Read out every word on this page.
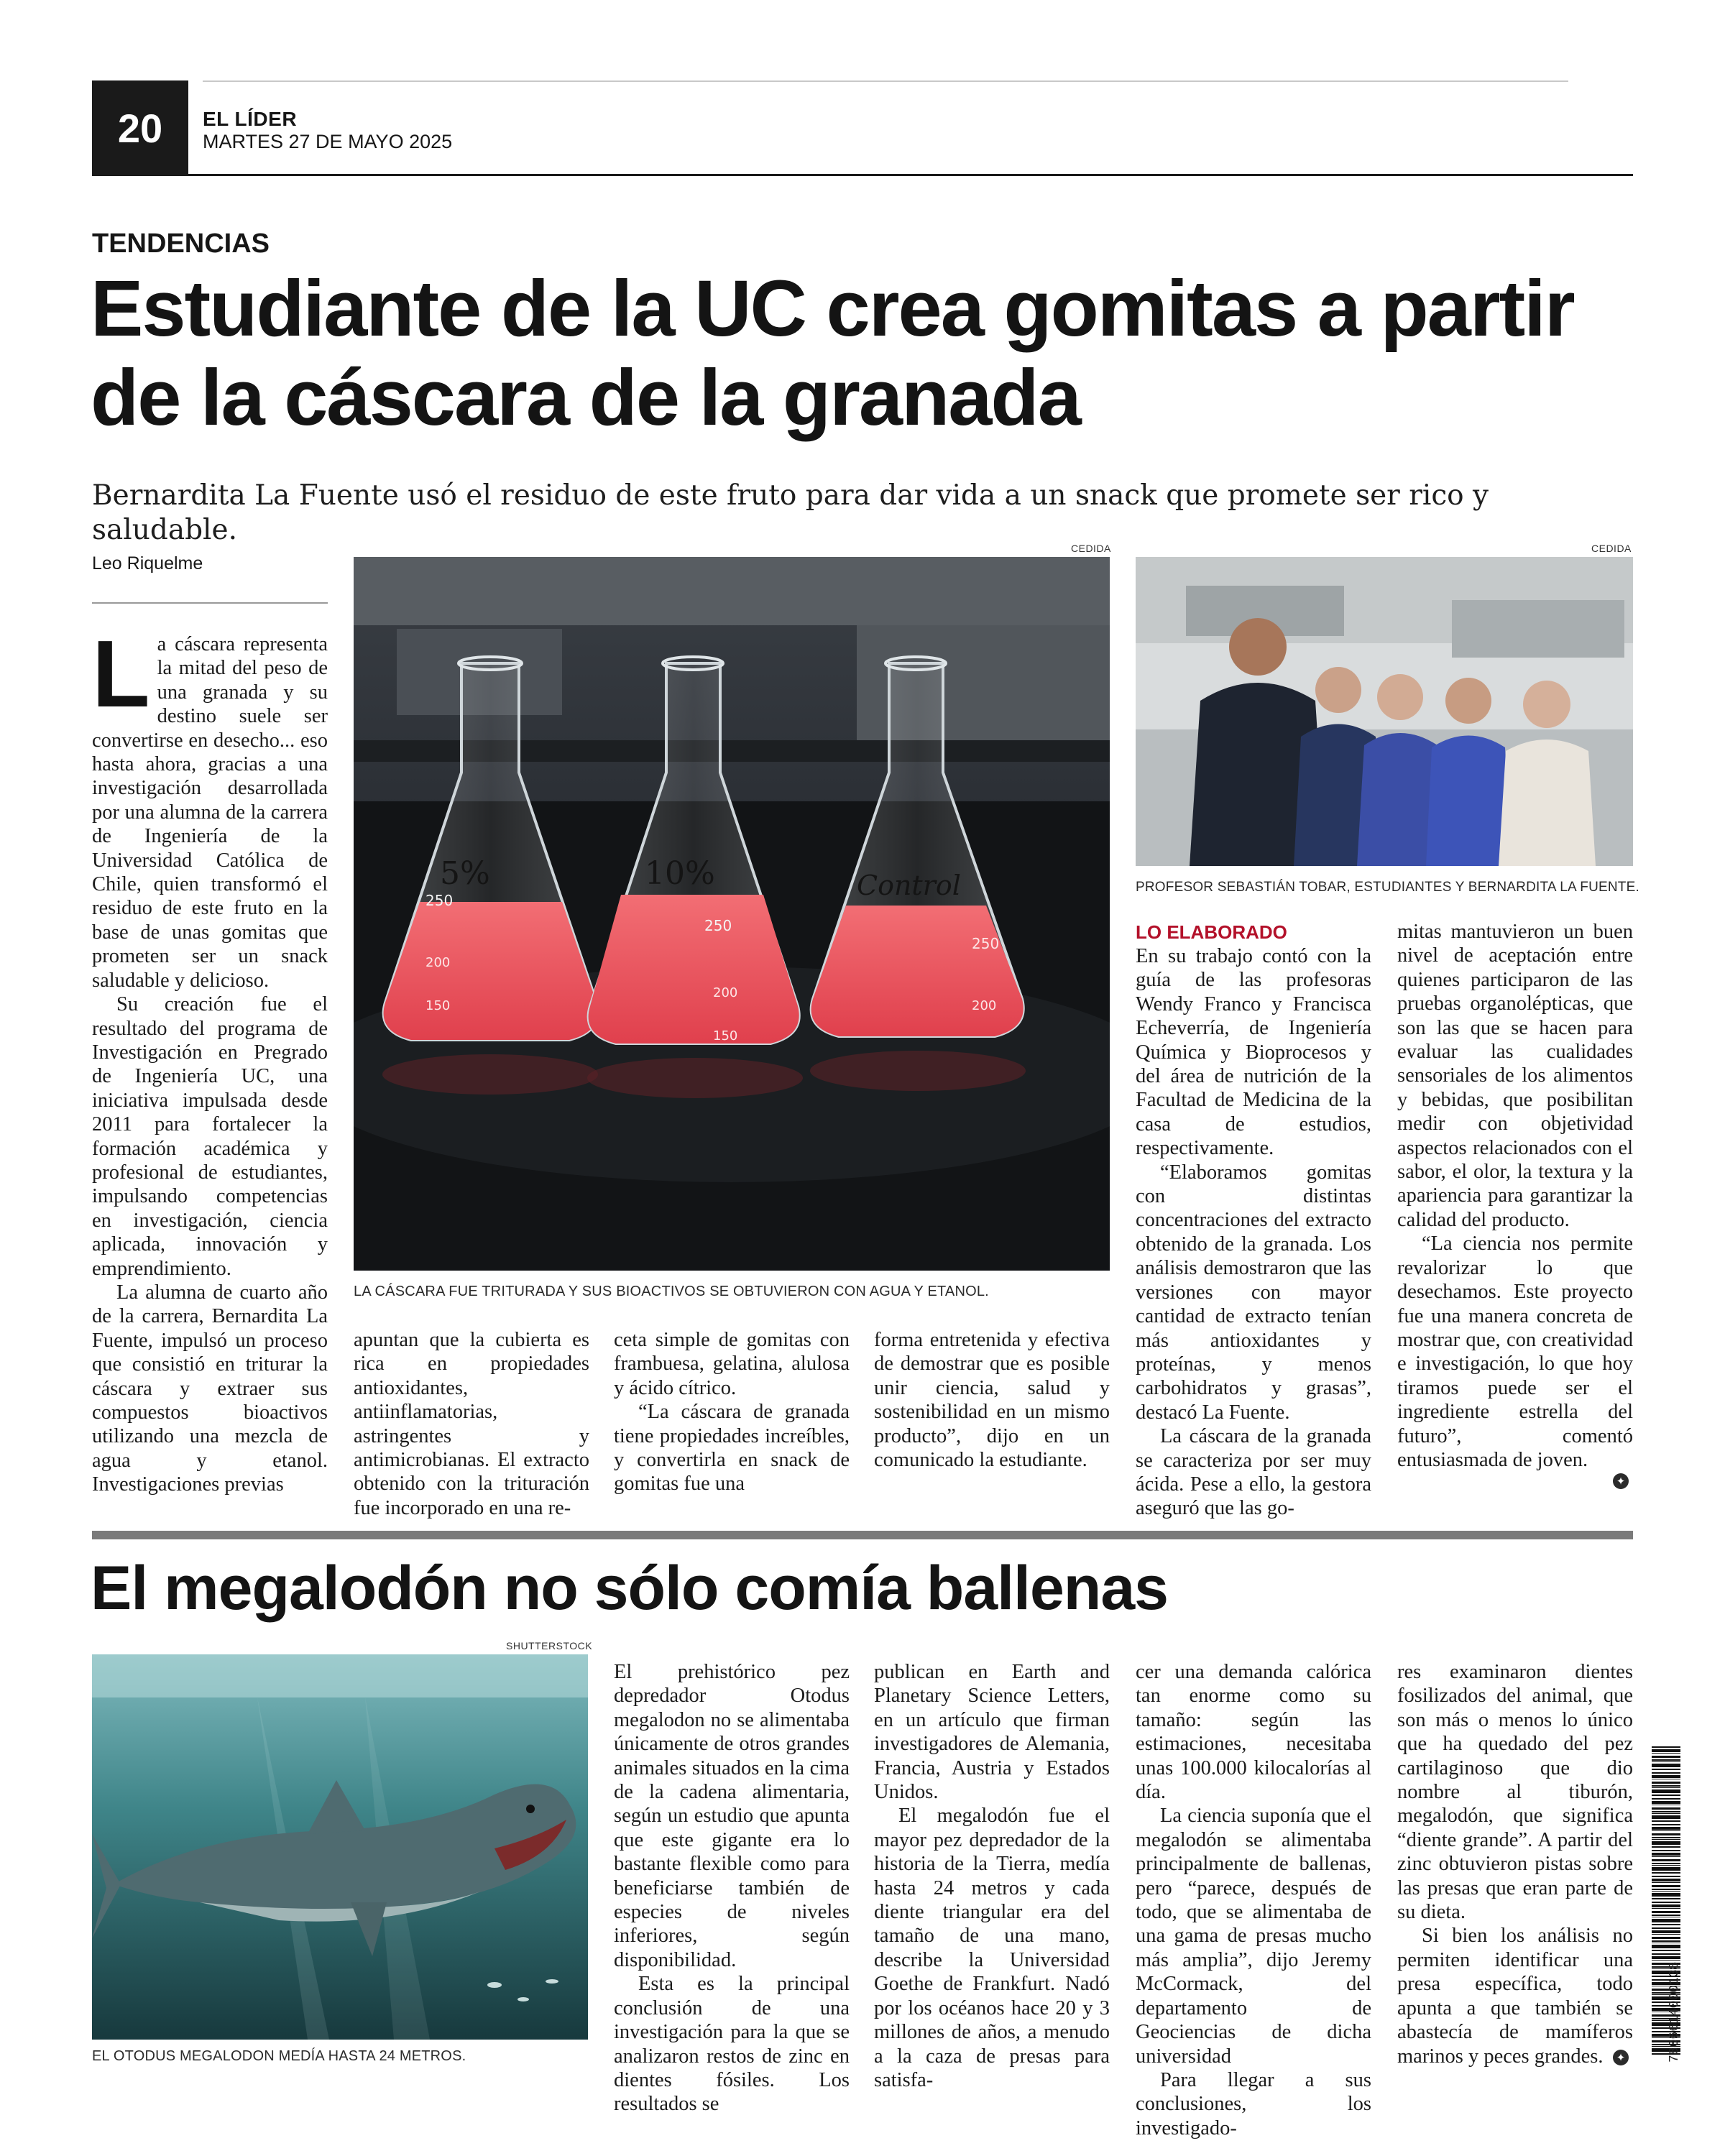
20	EL LÍDER
MARTES 27 DE MAYO 2025
TENDENCIAS
Estudiante de la UC crea gomitas a partir de la cáscara de la granada
Bernardita La Fuente usó el residuo de este fruto para dar vida a un snack que promete ser rico y saludable.
Leo Riquelme
CEDIDA
250
200
150
250
200
150
250
200
5%	10%	Control
LA CÁSCARA FUE TRITURADA Y SUS BIOACTIVOS SE OBTUVIERON CON AGUA Y ETANOL.
CEDIDA
PROFESOR SEBASTIÁN TOBAR, ESTUDIANTES Y BERNARDITA LA FUENTE.
L a cáscara representa la mitad del peso de una granada y su destino suele ser convertirse en desecho... eso hasta ahora, gracias a una investigación desarrollada por una alumna de la carrera de Ingeniería de la Universidad Católica de Chile, quien transformó el residuo de este fruto en la base de unas gomitas que prometen ser un snack saludable y delicioso.

Su creación fue el resultado del programa de Investigación en Pregrado de Ingeniería UC, una iniciativa impulsada desde 2011 para fortalecer la formación académica y profesional de estudiantes, impulsando competencias en investigación, ciencia aplicada, innovación y emprendimiento.

La alumna de cuarto año de la carrera, Bernardita La Fuente, impulsó un proceso que consistió en triturar la cáscara y extraer sus compuestos bioactivos utilizando una mezcla de agua y etanol. Investigaciones previas

apuntan que la cubierta es rica en propiedades antioxidantes, antiinflamatorias, astringentes y antimicrobianas. El extracto obtenido con la trituración fue incorporado en una re-

ceta simple de gomitas con frambuesa, gelatina, alulosa y ácido cítrico.

“La cáscara de granada tiene propiedades increíbles, y convertirla en snack de gomitas fue una

forma entretenida y efectiva de demostrar que es posible unir ciencia, salud y sostenibilidad en un mismo producto”, dijo en un comunicado la estudiante.

LO ELABORADO

En su trabajo contó con la guía de las profesoras Wendy Franco y Francisca Echeverría, de Ingeniería Química y Bioprocesos y del área de nutrición de la Facultad de Medicina de la casa de estudios, respectivamente.

“Elaboramos gomitas con distintas concentraciones del extracto obtenido de la granada. Los análisis demostraron que las versiones con mayor cantidad de extracto tenían más antioxidantes y proteínas, y menos carbohidratos y grasas”, destacó La Fuente.

La cáscara de la granada se caracteriza por ser muy ácida. Pese a ello, la gestora aseguró que las go-

mitas mantuvieron un buen nivel de aceptación entre quienes participaron de las pruebas organolépticas, que son las que se hacen para evaluar las cualidades sensoriales de los alimentos y bebidas, que posibilitan medir con objetividad aspectos relacionados con el sabor, el olor, la textura y la apariencia para garantizar la calidad del producto.

“La ciencia nos permite revalorizar lo que desechamos. Este proyecto fue una manera concreta de mostrar que, con creatividad e investigación, lo que hoy tiramos puede ser el ingrediente estrella del futuro”, comentó entusiasmada de joven.

✦
El megalodón no sólo comía ballenas
SHUTTERSTOCK
EL OTODUS MEGALODON MEDÍA HASTA 24 METROS.

El prehistórico pez depredador Otodus megalodon no se alimentaba únicamente de otros grandes animales situados en la cima de la cadena alimentaria, según un estudio que apunta que este gigante era lo bastante flexible como para beneficiarse también de especies de niveles inferiores, según disponibilidad.

Esta es la principal conclusión de una investigación para la que se analizaron restos de zinc en dientes fósiles. Los resultados se

publican en Earth and Planetary Science Letters, en un artículo que firman investigadores de Alemania, Francia, Austria y Estados Unidos.

El megalodón fue el mayor pez depredador de la historia de la Tierra, medía hasta 24 metros y cada diente triangular era del tamaño de una mano, describe la Universidad Goethe de Frankfurt. Nadó por los océanos hace 20 y 3 millones de años, a menudo a la caza de presas para satisfa-

cer una demanda calórica tan enorme como su tamaño: según las estimaciones, necesitaba unas 100.000 kilocalorías al día.

La ciencia suponía que el megalodón se alimentaba principalmente de ballenas, pero “parece, después de todo, que se alimentaba de una gama de presas mucho más amplia”, dijo Jeremy McCormack, del departamento de Geociencias de dicha universidad

Para llegar a sus conclusiones, los investigado-

res examinaron dientes fosilizados del animal, que son más o menos lo único que ha quedado del pez cartilaginoso que dio nombre al tiburón, megalodón, que significa “diente grande”. A partir del zinc obtuvieron pistas sobre las presas que eran parte de su dieta.

Si bien los análisis no permiten identificar una presa específica, todo apunta a que también se abastecía de mamíferos marinos y peces grandes.	✦	7806614000138
